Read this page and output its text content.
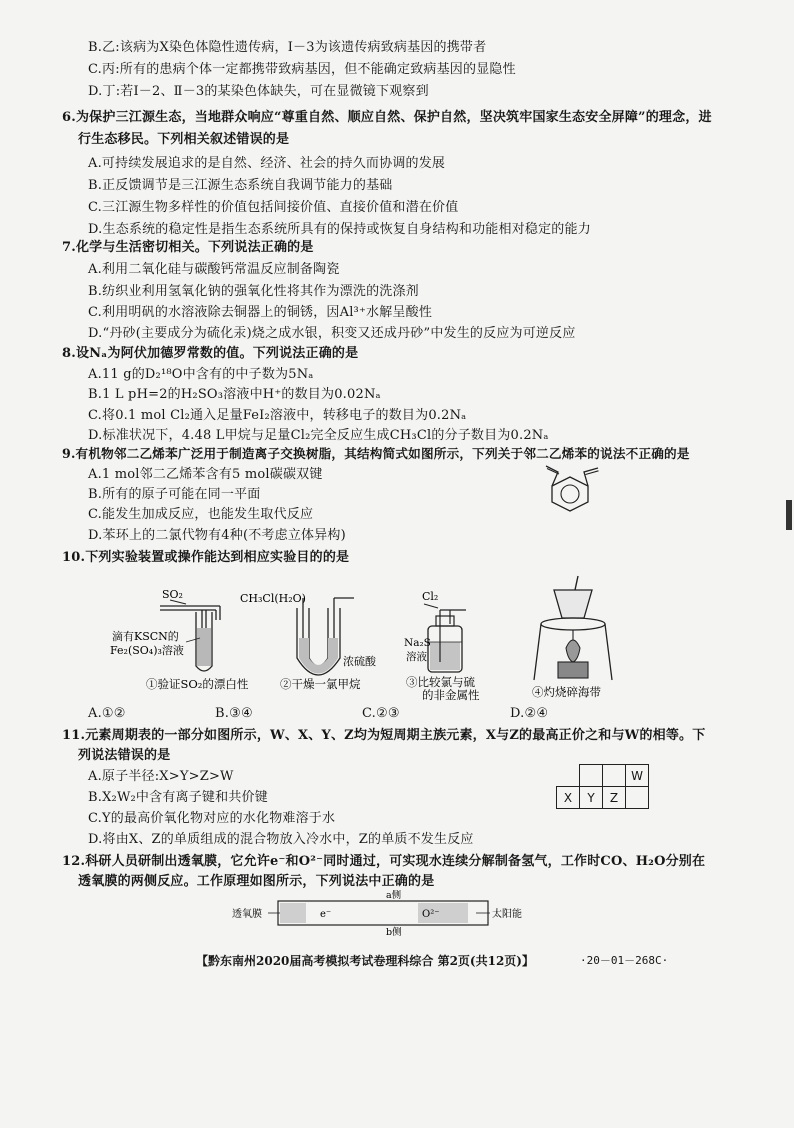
B.乙:该病为X染色体隐性遗传病，Ⅰ－3为该遗传病致病基因的携带者
C.丙:所有的患病个体一定都携带致病基因，但不能确定致病基因的显隐性
D.丁:若Ⅰ－2、Ⅱ－3的某染色体缺失，可在显微镜下观察到
6.为保护三江源生态，当地群众响应“尊重自然、顺应自然、保护自然，坚决筑牢国家生态安全屏障”的理念，进
行生态移民。下列相关叙述错误的是
A.可持续发展追求的是自然、经济、社会的持久而协调的发展
B.正反馈调节是三江源生态系统自我调节能力的基础
C.三江源生物多样性的价值包括间接价值、直接价值和潜在价值
D.生态系统的稳定性是指生态系统所具有的保持或恢复自身结构和功能相对稳定的能力
7.化学与生活密切相关。下列说法正确的是
A.利用二氧化硅与碳酸钙常温反应制备陶瓷
B.纺织业利用氢氧化钠的强氧化性将其作为漂洗的洗涤剂
C.利用明矾的水溶液除去铜器上的铜锈，因Al³⁺水解呈酸性
D.“丹砂(主要成分为硫化汞)烧之成水银，积变又还成丹砂”中发生的反应为可逆反应
8.设Nₐ为阿伏加德罗常数的值。下列说法正确的是
A.11 g的D₂¹⁸O中含有的中子数为5Nₐ
B.1 L pH=2的H₂SO₃溶液中H⁺的数目为0.02Nₐ
C.将0.1 mol Cl₂通入足量FeI₂溶液中，转移电子的数目为0.2Nₐ
D.标准状况下，4.48 L甲烷与足量Cl₂完全反应生成CH₃Cl的分子数目为0.2Nₐ
9.有机物邻二乙烯苯广泛用于制造离子交换树脂，其结构简式如图所示，下列关于邻二乙烯苯的说法不正确的是
A.1 mol邻二乙烯苯含有5 mol碳碳双键
B.所有的原子可能在同一平面
C.能发生加成反应，也能发生取代反应
D.苯环上的二氯代物有4种(不考虑立体异构)
10.下列实验装置或操作能达到相应实验目的的是
SO₂
滴有KSCN的
Fe₂(SO₄)₃溶液
①验证SO₂的漂白性
CH₃Cl(H₂O)
浓硫酸
②干燥一氯甲烷
Cl₂
Na₂S
溶液
③比较氯与硫
的非金属性	④灼烧碎海带
A.①②	B.③④	C.②③	D.②④
11.元素周期表的一部分如图所示，W、X、Y、Z均为短周期主族元素，X与Z的最高正价之和与W的相等。下
列说法错误的是
A.原子半径:X>Y>Z>W
B.X₂W₂中含有离子键和共价键
C.Y的最高价氧化物对应的水化物难溶于水
D.将由X、Z的单质组成的混合物放入冷水中，Z的单质不发生反应
			W
X	Y	Z	
12.科研人员研制出透氧膜，它允许e⁻和O²⁻同时通过，可实现水连续分解制备氢气，工作时CO、H₂O分别在
透氧膜的两侧反应。工作原理如图所示，下列说法中正确的是
a侧
e⁻	O²⁻
透氧膜	太阳能
b侧
【黔东南州2020届高考模拟考试卷理科综合 第2页(共12页)】	·20－01－268C·
